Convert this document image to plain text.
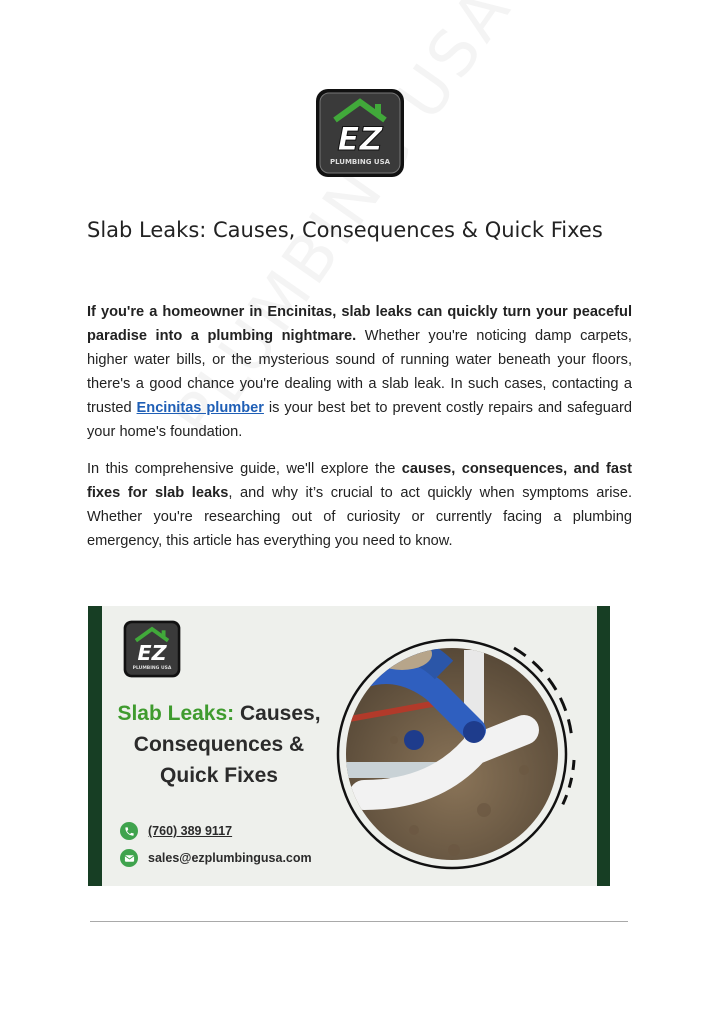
EZ
PLUMBING USA
Slab Leaks: Causes, Consequences & Quick Fixes

If you're a homeowner in Encinitas, slab leaks can quickly turn your peaceful paradise into a plumbing nightmare. Whether you're noticing damp carpets, higher water bills, or the mysterious sound of running water beneath your floors, there's a good chance you're dealing with a slab leak. In such cases, contacting a trusted Encinitas plumber is your best bet to prevent costly repairs and safeguard your home's foundation.

In this comprehensive guide, we'll explore the causes, consequences, and fast fixes for slab leaks, and why it’s crucial to act quickly when symptoms arise. Whether you're researching out of curiosity or currently facing a plumbing emergency, this article has everything you need to know.

EZ
PLUMBING USA
Slab Leaks: Causes, Consequences & Quick Fixes
(760) 389 9117
sales@ezplumbingusa.com
